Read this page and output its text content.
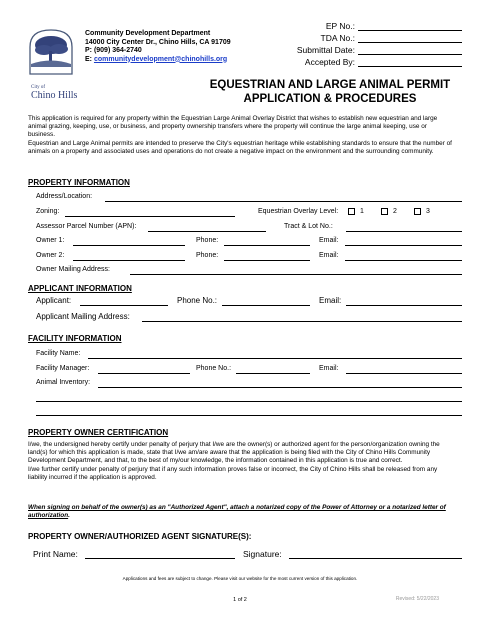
City of
Chino Hills
Community Development Department
14000 City Center Dr., Chino Hills, CA 91709
P: (909) 364-2740
E: communitydevelopment@chinohills.org
EP No.:
TDA No.:
Submittal Date:
Accepted By:
EQUESTRIAN AND LARGE ANIMAL PERMIT
APPLICATION & PROCEDURES
This application is required for any property within the Equestrian Large Animal Overlay District that wishes to establish new equestrian and large animal grazing, keeping, use, or business, and property ownership transfers where the property will continue the large animal keeping, use or business.
Equestrian and Large Animal permits are intended to preserve the City's equestrian heritage while establishing standards to ensure that the number of animals on a property and associated uses and operations do not create a negative impact on the environment and the surrounding community.
PROPERTY INFORMATION
Address/Location:
Zoning:	Equestrian Overlay Level:	1	2	3
Assessor Parcel Number (APN):	Tract & Lot No.:
Owner 1:	Phone:	Email:
Owner 2:	Phone:	Email:
Owner Mailing Address:
APPLICANT INFORMATION
Applicant:	Phone No.:	Email:
Applicant Mailing Address:
FACILITY INFORMATION
Facility Name:
Facility Manager:	Phone No.:	Email:
Animal Inventory:
PROPERTY OWNER CERTIFICATION
I/we, the undersigned hereby certify under penalty of perjury that I/we are the owner(s) or authorized agent for the person/organization owning the land(s) for which this application is made, state that I/we am/are aware that the application is being filed with the City of Chino Hills Community Development Department, and that, to the best of my/our knowledge, the information contained in this application is true and correct.
I/we further certify under penalty of perjury that if any such information proves false or incorrect, the City of Chino Hills shall be released from any liability incurred if the application is approved.
When signing on behalf of the owner(s) as an "Authorized Agent", attach a notarized copy of the Power of Attorney or a notarized letter of authorization.
PROPERTY OWNER/AUTHORIZED AGENT SIGNATURE(S):
Print Name:	Signature:
Applications and fees are subject to change. Please visit our website for the most current version of this application.
1 of 2	Revised: 5/22/2023
